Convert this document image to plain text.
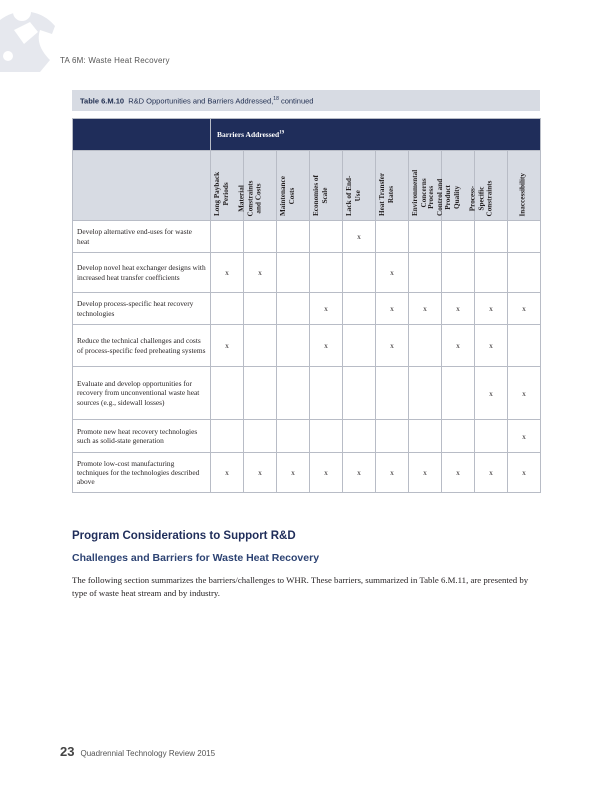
TA 6M: Waste Heat Recovery
Table 6.M.10 R&D Opportunities and Barriers Addressed,$^{18}$ continued
	Barriers Addressed$^{19}$

	Long Payback
Periods	Material
Constraints
and Costs	Maintenance
Costs	Economies of
Scale	Lack of End-
Use	Heat Transfer
Rates	Environmental
Concerns	Process
Control and
Product
Quality	Process-
Specific
Constraints	Inaccessibility

Develop alternative end-uses for waste heat					x					
Develop novel heat exchanger designs with increased heat transfer coefficients	x	x				x				
Develop process-specific heat recovery technologies				x		x	x	x	x	x
Reduce the technical challenges and costs of process-specific feed preheating systems	x			x		x		x	x	
Evaluate and develop opportunities for recovery from unconventional waste heat sources (e.g., sidewall losses)									x	x
Promote new heat recovery technologies such as solid-state generation										x
Promote low-cost manufacturing techniques for the technologies described above	x	x	x	x	x	x	x	x	x	x
Program Considerations to Support R&D
Challenges and Barriers for Waste Heat Recovery
The following section summarizes the barriers/challenges to WHR. These barriers, summarized in Table 6.M.11, are presented by type of waste heat stream and by industry.
23 Quadrennial Technology Review 2015
